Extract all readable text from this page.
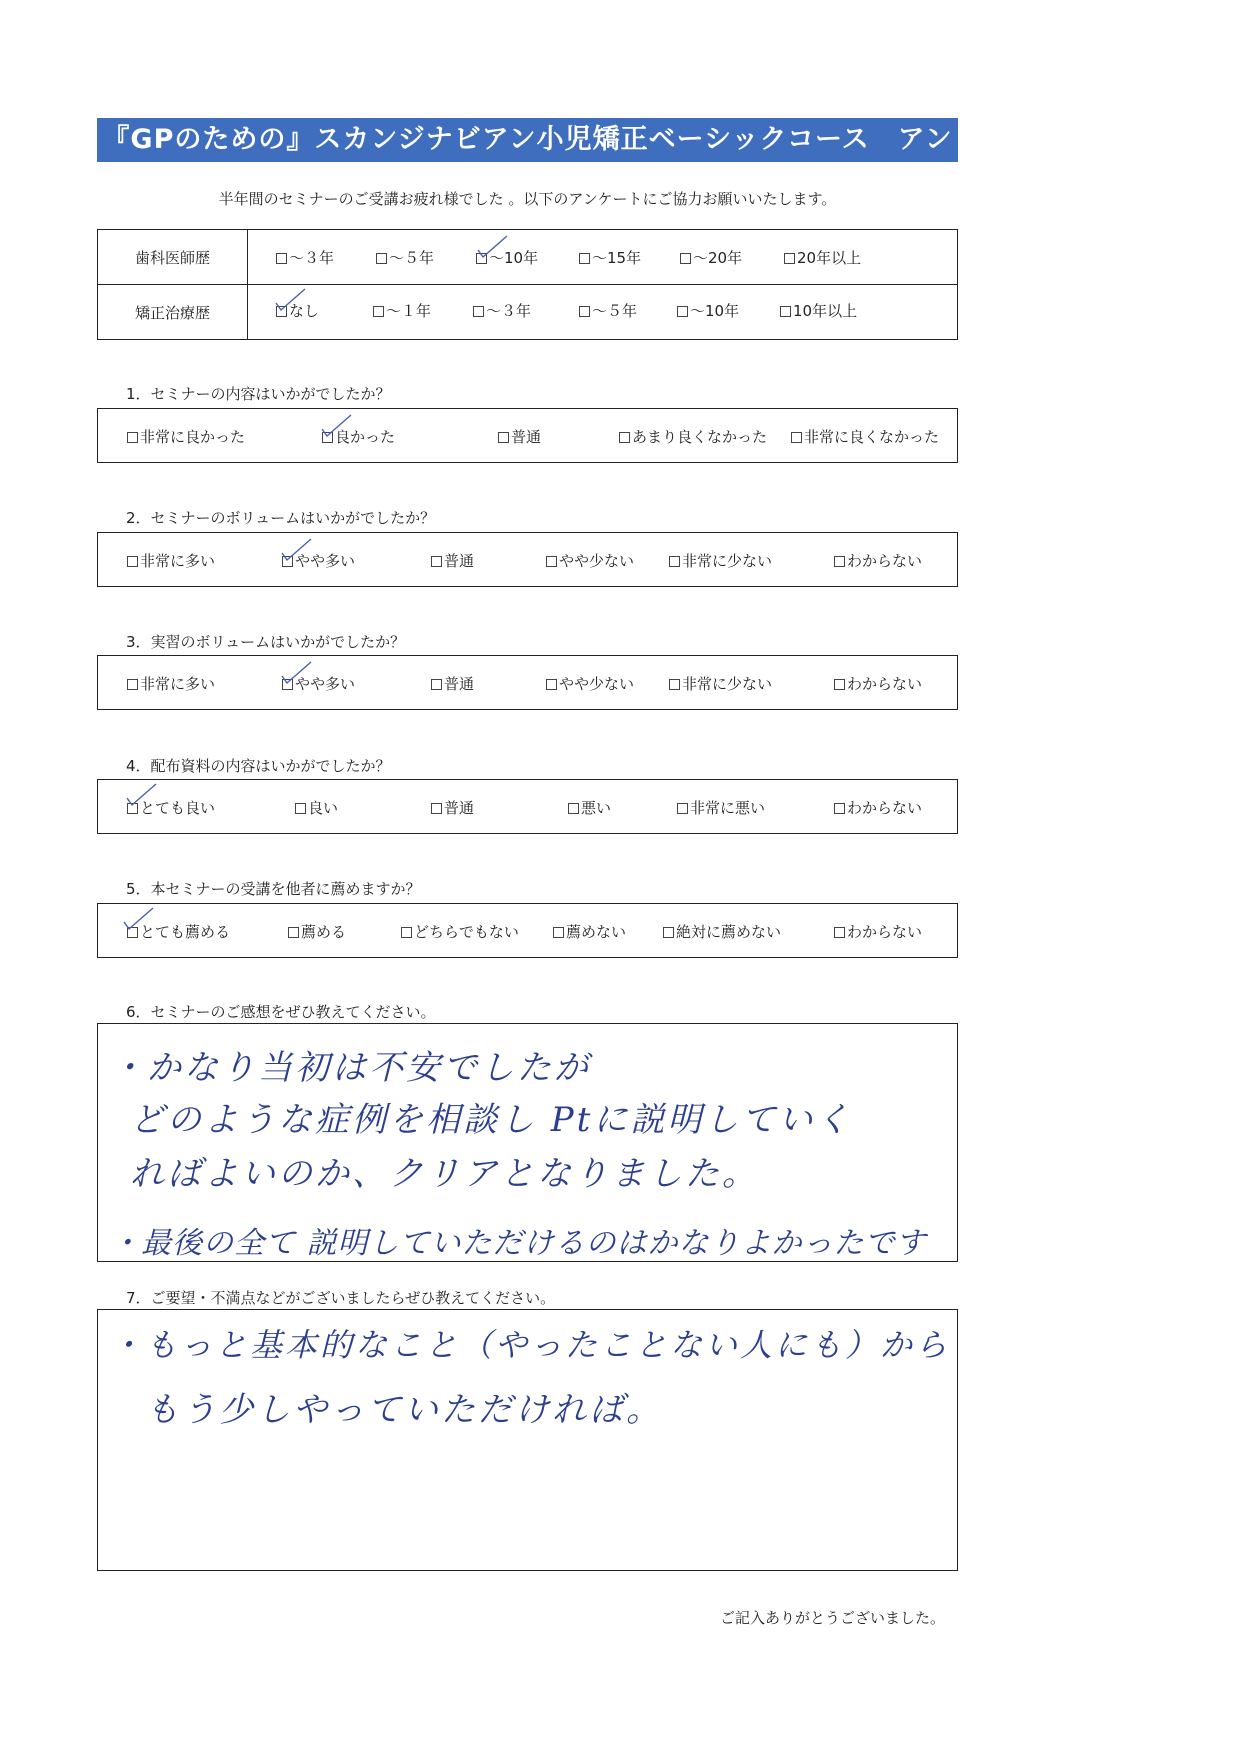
『GPのための』スカンジナビアン小児矯正ベーシックコース　アンケート
半年間のセミナーのご受講お疲れ様でした 。以下のアンケートにご協力お願いいたします。
歯科医師歴	～３年	～５年	～10年	～15年	～20年	20年以上
矯正治療歴	なし	～１年	～３年	～５年	～10年	10年以上
1．セミナーの内容はいかがでしたか？
非常に良かった	良かった	普通	あまり良くなかった	非常に良くなかった
2．セミナーのボリュームはいかがでしたか？
非常に多い	やや多い	普通	やや少ない	非常に少ない	わからない
3．実習のボリュームはいかがでしたか？
非常に多い	やや多い	普通	やや少ない	非常に少ない	わからない
4．配布資料の内容はいかがでしたか？
とても良い	良い	普通	悪い	非常に悪い	わからない
5．本セミナーの受講を他者に薦めますか？
とても薦める	薦める	どちらでもない	薦めない	絶対に薦めない	わからない
6．セミナーのご感想をぜひ教えてください。
・かなり当初は不安でしたが
どのような症例を相談し Ptに説明していく
ればよいのか、クリアとなりました。
・最後の全て 説明していただけるのはかなりよかったです
7．ご要望・不満点などがございましたらぜひ教えてください。
・もっと基本的なこと（やったことない人にも）から
もう少しやっていただければ。
ご記入ありがとうございました。
